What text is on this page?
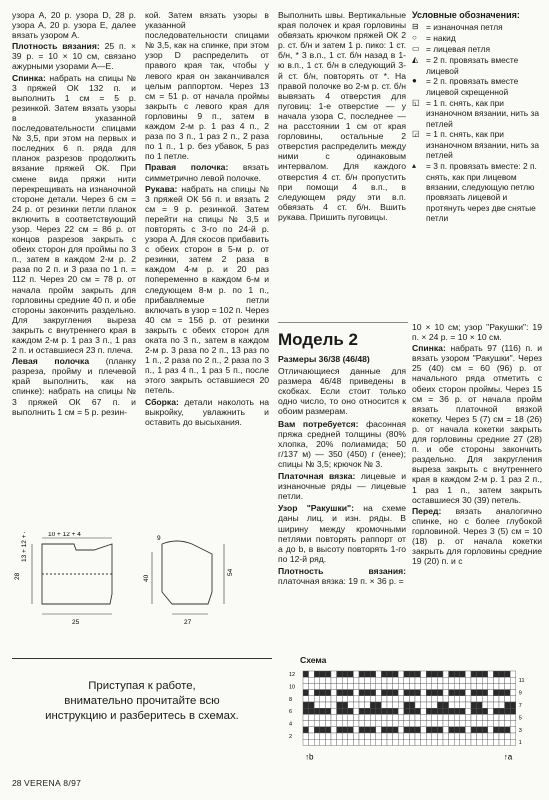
узора A, 20 р. узора D, 28 р. узора A, 20 р. узора E, далее вязать узором A.

Плотность вязания: 25 п. × 39 р. = 10 × 10 см, связано ажурными узорами A—E.

Спинка: набрать на спицы № 3 пряжей ОК 132 п. и выполнить 1 см = 5 р. резинкой. Затем вязать узоры в указанной последовательности спицами № 3,5, при этом на первых и последних 6 п. ряда для планок разрезов продолжить вязание пряжей ОК. При смене вида пряжи нити перекрещивать на изнаночной стороне детали. Через 6 см = 24 р. от резинки петли планок включить в соответствующий узор. Через 22 см = 86 р. от концов разрезов закрыть с обеих сторон для проймы по 3 п., затем в каждом 2-м р. 2 раза по 2 п. и 3 раза по 1 п. = 112 п. Через 20 см = 78 р. от начала пройм закрыть для горловины средние 40 п. и обе стороны закончить раздельно. Для закругления выреза закрыть с внутреннего края в каждом 2-м р. 1 раз 3 п., 1 раз 2 п. и оставшиеся 23 п. плеча.

Левая полочка (планку разреза, пройму и плечевой край выполнить, как на спинке): набрать на спицы № 3 пряжей ОК 67 п. и выполнить 1 см = 5 р. резин-

кой. Затем вязать узоры в указанной последовательности спицами № 3,5, как на спинке, при этом узор D распределить от правого края так, чтобы у левого края он заканчивался целым раппортом. Через 13 см = 51 р. от начала проймы закрыть с левого края для горловины 9 п., затем в каждом 2-м р. 1 раз 4 п., 2 раза по 3 п., 1 раз 2 п., 2 раза по 1 п., 1 р. без убавок, 5 раз по 1 петле.

Правая полочка: вязать симметрично левой полочке.

Рукава: набрать на спицы № 3 пряжей ОК 56 п. и вязать 2 см = 9 р. резинкой. Затем перейти на спицы № 3,5 и повторять с 3-го по 24-й р. узора A. Для скосов прибавить с обеих сторон в 5-м р. от резинки, затем 2 раза в каждом 4-м р. и 20 раз попеременно в каждом 6-м и следующем 8-м р. по 1 п., прибавляемые петли включать в узор = 102 п. Через 40 см = 156 р. от резинки закрыть с обеих сторон для оката по 3 п., затем в каждом 2-м р. 3 раза по 2 п., 13 раз по 1 п., 2 раза по 2 п., 2 раза по 3 п., 1 раз 4 п., 1 раз 5 п., после этого закрыть оставшиеся 20 петель.

Сборка: детали наколоть на выкройку, увлажнить и оставить до высыхания.

Выполнить швы. Вертикальные края полочек и края горловины обвязать крючком пряжей ОК 2 р. ст. б/н и затем 1 р. пико: 1 ст. б/н, * 3 в.п., 1 ст. б/н назад в 1-ю в.п., 1 ст. б/н в следующий 3-й ст. б/н, повторять от *. На правой полочке во 2-м р. ст. б/н вывязать 4 отверстия для пуговиц: 1-е отверстие — у начала узора C, последнее — на расстоянии 1 см от края горловины, остальные 2 отверстия распределить между ними с одинаковым интервалом. Для каждого отверстия 4 ст. б/н пропустить при помощи 4 в.п., в следующем ряду эти в.п. обвязать 4 ст. б/н. Вшить рукава. Пришить пуговицы.

Условные обозначения:
⊟ = изнаночная петля
○	= накид
▭ = лицевая петля
◭ = 2 п. провязать вместе лицевой
●	= 2 п. провязать вместе лицевой скрещенной
◱ = 1 п. снять, как при изнаночном вязании, нить за петлей
◲ = 1 п. снять, как при изнаночном вязании, нить за петлей
▴	= 3 п. провязать вместе: 2 п. снять, как при лицевом вязании, следующую петлю провязать лицевой и протянуть через две снятые петли
Модель 2

Размеры 36/38 (46/48)

Отличающиеся данные для размера 46/48 приведены в скобках. Если стоит только одно число, то оно относится к обоим размерам.

Вам потребуется: фасонная пряжа средней толщины (80% хлопка, 20% полиамида; 50 г/137 м) — 350 (450) г (енее); спицы № 3,5; крючок № 3.

Платочная вязка: лицевые и изнаночные ряды — лицевые петли.

Узор "Ракушки": на схеме даны лиц. и изн. ряды. В ширину между кромочными петлями повторять раппорт от a до b, в высоту повторять 1-го по 12-й ряд.

Плотность вязания: платочная вязка: 19 п. × 36 р. =

10 × 10 см; узор "Ракушки": 19 п. × 24 р. = 10 × 10 см.

Спинка: набрать 97 (116) п. и вязать узором "Ракушки". Через 25 (40) см = 60 (96) р. от начального ряда отметить с обеих сторон проймы. Через 15 см = 36 р. от начала пройм вязать платочной вязкой кокетку. Через 5 (7) см = 18 (26) р. от начала кокетки закрыть для горловины средние 27 (28) п. и обе стороны закончить раздельно. Для закругления выреза закрыть с внутреннего края в каждом 2-м р. 1 раз 2 п., 1 раз 1 п., затем закрыть оставшиеся 30 (39) петель.

Перед: вязать аналогично спинке, но с более глубокой горловиной. Через 3 (5) см = 10 (18) р. от начала кокетки закрыть для горловины средние 19 (20) п. и с

10 + 12 + 4
28
13 + 12 + 4
25
9
40
54
27
Приступая к работе,
внимательно прочитайте всю
инструкцию и разберитесь в схемах.
Схема
12
10
8
6
4
2
11
9
7
5
3
1
↑b	↑a
28 VERENA 8/97
